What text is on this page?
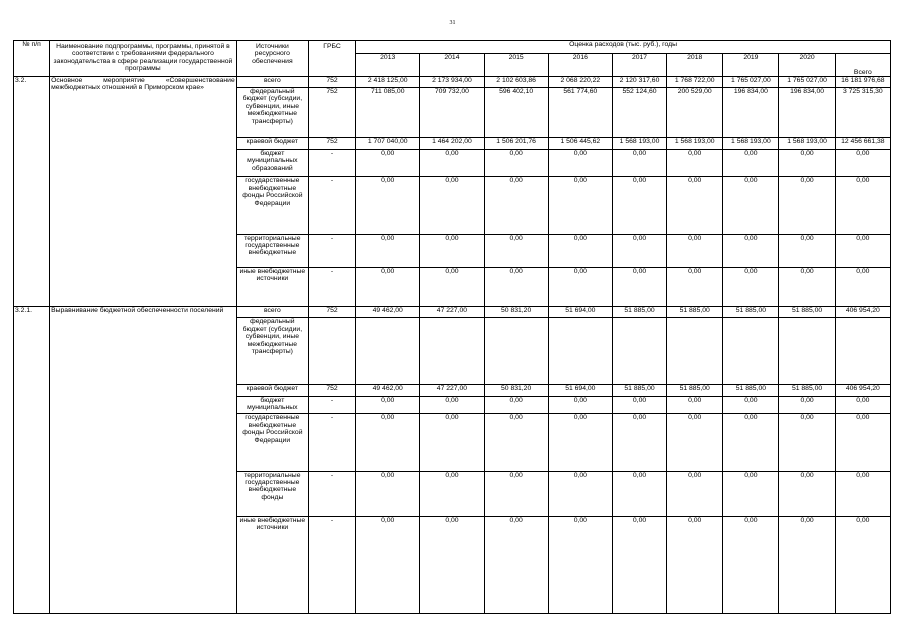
31
№ п/п	Наименование подпрограммы, программы, принятой в соответствии с требованиями федерального законодательства в сфере реализации государственной программы	Источники ресурсного обеспечения	ГРБС	Оценка расходов (тыс. руб.), годы								
				2013	2014	2015	2016	2017	2018	2019	2020	
												Всего
3.2.	Основное мероприятие «Совершенствование межбюджетных отношений в Приморском крае»	всего	752	2 418 125,00	2 173 934,00	2 102 603,86	2 068 220,22	2 120 317,60	1 768 722,00	1 765 027,00	1 765 027,00	16 181 976,68
		федеральный бюджет (субсидии, субвенции, иные межбюджетные трансферты)	752	711 085,00	709 732,00	596 402,10	561 774,60	552 124,60	200 529,00	196 834,00	196 834,00	3 725 315,30
		краевой бюджет	752	1 707 040,00	1 464 202,00	1 506 201,76	1 506 445,62	1 568 193,00	1 568 193,00	1 568 193,00	1 568 193,00	12 456 661,38
		бюджет муниципальных образований	-	0,00	0,00	0,00	0,00	0,00	0,00	0,00	0,00	0,00
		государственные внебюджетные фонды Российской Федерации	-	0,00	0,00	0,00	0,00	0,00	0,00	0,00	0,00	0,00
		территориальные государственные внебюджетные	-	0,00	0,00	0,00	0,00	0,00	0,00	0,00	0,00	0,00
		иные внебюджетные источники	-	0,00	0,00	0,00	0,00	0,00	0,00	0,00	0,00	0,00
3.2.1.	Выравнивание бюджетной обеспеченности поселений	всего	752	49 462,00	47 227,00	50 831,20	51 694,00	51 885,00	51 885,00	51 885,00	51 885,00	406 954,20
		федеральный бюджет (субсидии, субвенции, иные межбюджетные трансферты)										
		краевой бюджет	752	49 462,00	47 227,00	50 831,20	51 694,00	51 885,00	51 885,00	51 885,00	51 885,00	406 954,20
		бюджет муниципальных	-	0,00	0,00	0,00	0,00	0,00	0,00	0,00	0,00	0,00
		государственные внебюджетные фонды Российской Федерации	-	0,00	0,00	0,00	0,00	0,00	0,00	0,00	0,00	0,00
		территориальные государственные внебюджетные фонды	-	0,00	0,00	0,00	0,00	0,00	0,00	0,00	0,00	0,00
		иные внебюджетные источники	-	0,00	0,00	0,00	0,00	0,00	0,00	0,00	0,00	0,00
